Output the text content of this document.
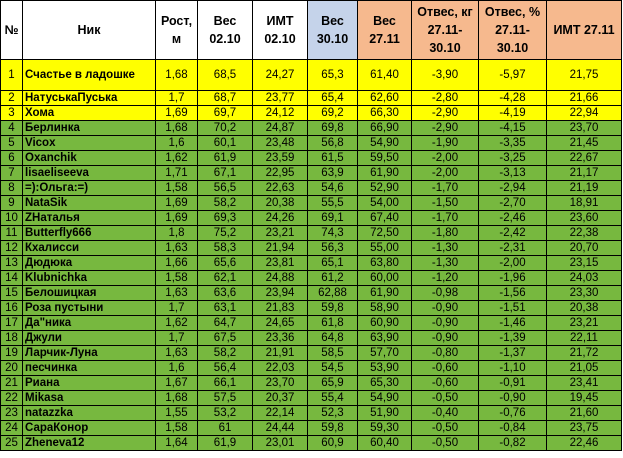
№	Ник	Рост, м	Вес 02.10	ИМТ 02.10	Вес 30.10	Вес 27.11	Отвес, кг 27.11-30.10	Отвес, % 27.11-30.10	ИМТ 27.11
1	Счастье в ладошке	1,68	68,5	24,27	65,3	61,40	-3,90	-5,97	21,75
2	НатуськаПуська	1,7	68,7	23,77	65,4	62,60	-2,80	-4,28	21,66
3	Хома	1,69	69,7	24,12	69,2	66,30	-2,90	-4,19	22,94
4	Берлинка	1,68	70,2	24,87	69,8	66,90	-2,90	-4,15	23,70
5	Vicox	1,6	60,1	23,48	56,8	54,90	-1,90	-3,35	21,45
6	Oxanchik	1,62	61,9	23,59	61,5	59,50	-2,00	-3,25	22,67
7	lisaeliseeva	1,71	67,1	22,95	63,9	61,90	-2,00	-3,13	21,17
8	=):Ольга:=)	1,58	56,5	22,63	54,6	52,90	-1,70	-2,94	21,19
9	NataSik	1,69	58,2	20,38	55,5	54,00	-1,50	-2,70	18,91
10	ZНаталья	1,69	69,3	24,26	69,1	67,40	-1,70	-2,46	23,60
11	Butterfly666	1,8	75,2	23,21	74,3	72,50	-1,80	-2,42	22,38
12	Кхалисси	1,63	58,3	21,94	56,3	55,00	-1,30	-2,31	20,70
13	Дюдюка	1,66	65,6	23,81	65,1	63,80	-1,30	-2,00	23,15
14	Klubnichka	1,58	62,1	24,88	61,2	60,00	-1,20	-1,96	24,03
15	Белошицкая	1,63	63,6	23,94	62,88	61,90	-0,98	-1,56	23,30
16	Роза пустыни	1,7	63,1	21,83	59,8	58,90	-0,90	-1,51	20,38
17	Да"ника	1,62	64,7	24,65	61,8	60,90	-0,90	-1,46	23,21
18	Джули	1,7	67,5	23,36	64,8	63,90	-0,90	-1,39	22,11
19	Ларчик-Луна	1,63	58,2	21,91	58,5	57,70	-0,80	-1,37	21,72
20	песчинка	1,6	56,4	22,03	54,5	53,90	-0,60	-1,10	21,05
21	Риана	1,67	66,1	23,70	65,9	65,30	-0,60	-0,91	23,41
22	Mikasa	1,68	57,5	20,37	55,4	54,90	-0,50	-0,90	19,45
23	natazzka	1,55	53,2	22,14	52,3	51,90	-0,40	-0,76	21,60
24	СараКонор	1,58	61	24,44	59,8	59,30	-0,50	-0,84	23,75
25	Zheneva12	1,64	61,9	23,01	60,9	60,40	-0,50	-0,82	22,46
